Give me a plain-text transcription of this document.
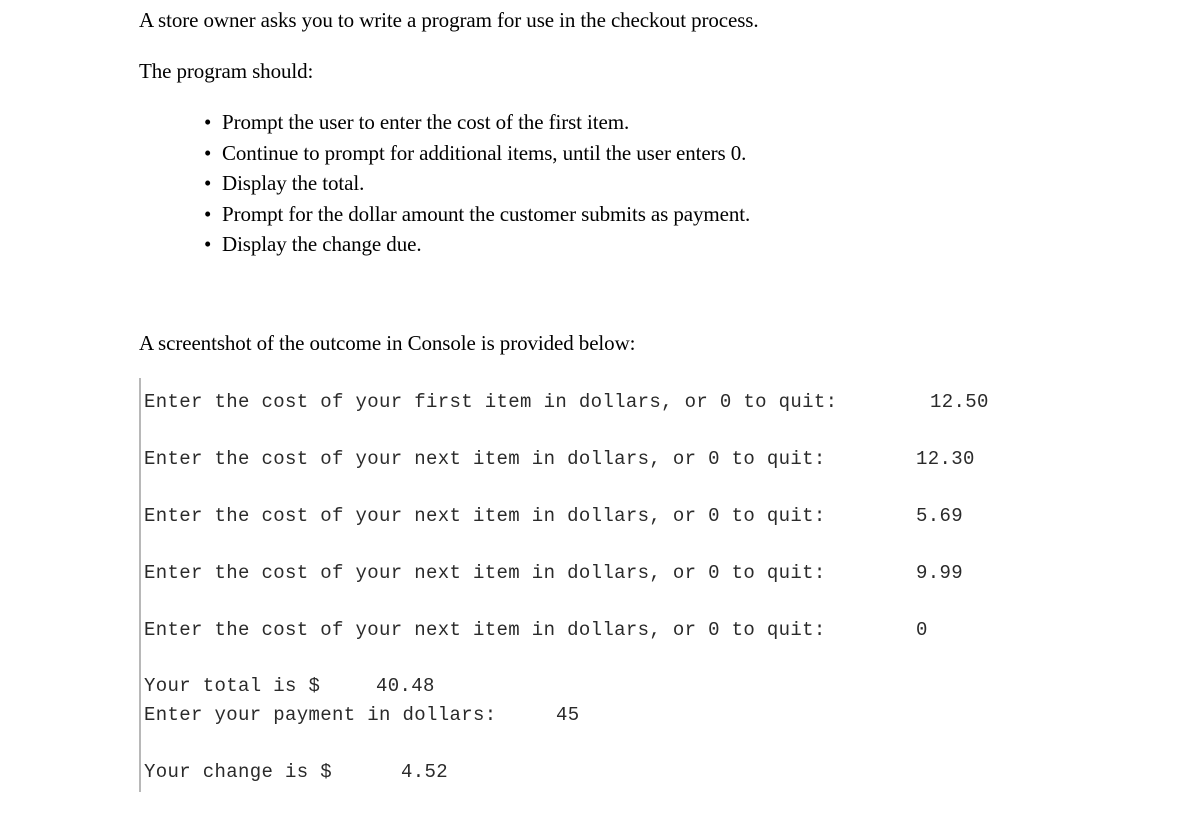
A store owner asks you to write a program for use in the checkout process.
The program should:
• Prompt the user to enter the cost of the first item.
• Continue to prompt for additional items, until the user enters 0.
• Display the total.
• Prompt for the dollar amount the customer submits as payment.
• Display the change due.
A screentshot of the outcome in Console is provided below:
Enter the cost of your first item in dollars, or 0 to quit:	12.50
Enter the cost of your next item in dollars, or 0 to quit:	12.30
Enter the cost of your next item in dollars, or 0 to quit:	5.69
Enter the cost of your next item in dollars, or 0 to quit:	9.99
Enter the cost of your next item in dollars, or 0 to quit:	0
Your total is $	40.48
Enter your payment in dollars:	45
Your change is $	4.52
